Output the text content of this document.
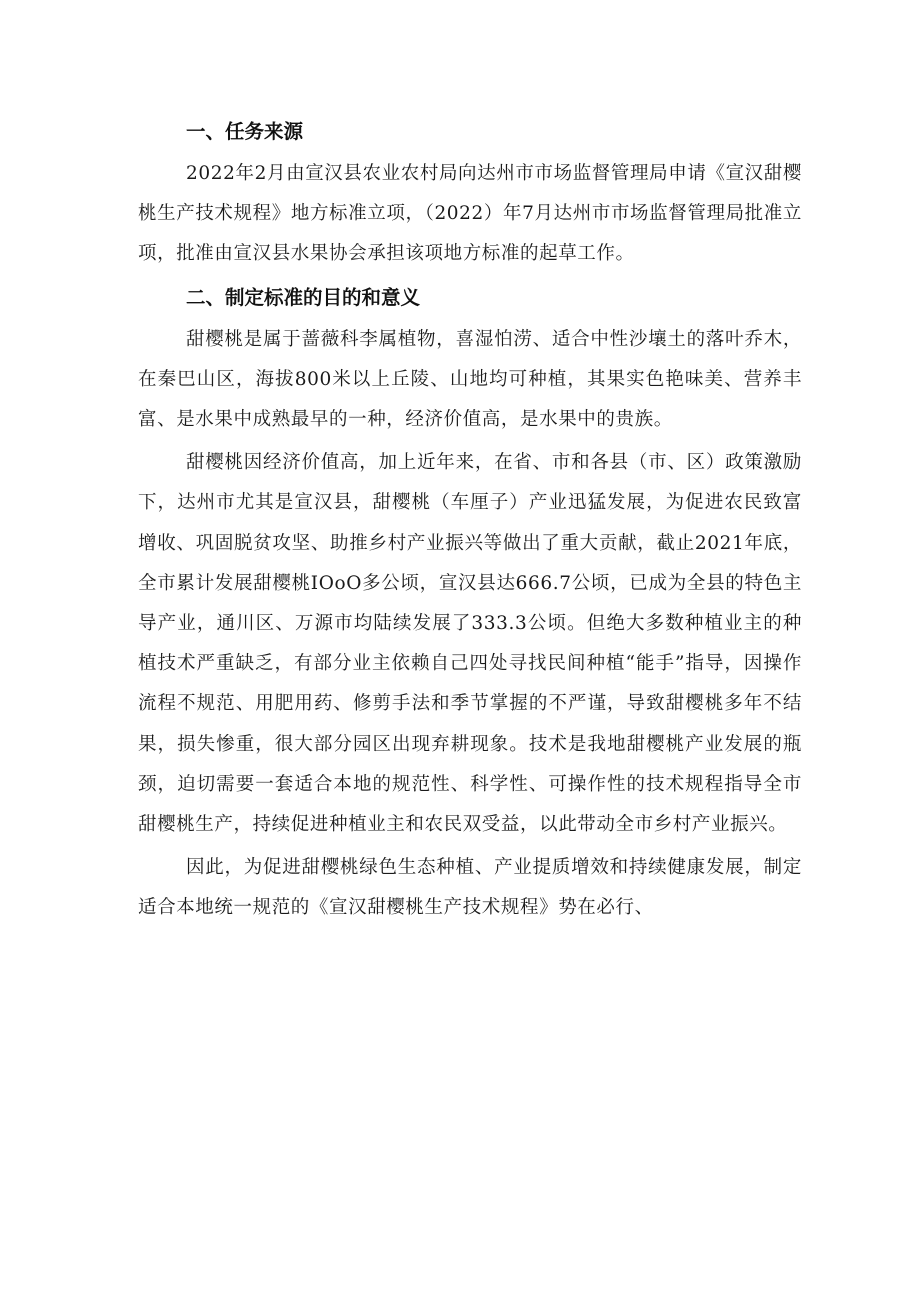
一、任务来源

2022年2月由宣汉县农业农村局向达州市市场监督管理局申请《宣汉甜樱桃生产技术规程》地方标准立项，（2022）年7月达州市市场监督管理局批准立项，批准由宣汉县水果协会承担该项地方标准的起草工作。

二、制定标准的目的和意义

甜樱桃是属于蔷薇科李属植物，喜湿怕涝、适合中性沙壤土的落叶乔木，在秦巴山区，海拔800米以上丘陵、山地均可种植，其果实色艳味美、营养丰富、是水果中成熟最早的一种，经济价值高，是水果中的贵族。

甜樱桃因经济价值高，加上近年来，在省、市和各县（市、区）政策激励下，达州市尤其是宣汉县，甜樱桃（车厘子）产业迅猛发展，为促进农民致富增收、巩固脱贫攻坚、助推乡村产业振兴等做出了重大贡献，截止2021年底，全市累计发展甜樱桃IOoO多公顷，宣汉县达666.7公顷，已成为全县的特色主导产业，通川区、万源市均陆续发展了333.3公顷。但绝大多数种植业主的种植技术严重缺乏，有部分业主依赖自己四处寻找民间种植“能手”指导，因操作流程不规范、用肥用药、修剪手法和季节掌握的不严谨，导致甜樱桃多年不结果，损失惨重，很大部分园区出现弃耕现象。技术是我地甜樱桃产业发展的瓶颈，迫切需要一套适合本地的规范性、科学性、可操作性的技术规程指导全市甜樱桃生产，持续促进种植业主和农民双受益，以此带动全市乡村产业振兴。

因此，为促进甜樱桃绿色生态种植、产业提质增效和持续健康发展，制定适合本地统一规范的《宣汉甜樱桃生产技术规程》势在必行、
